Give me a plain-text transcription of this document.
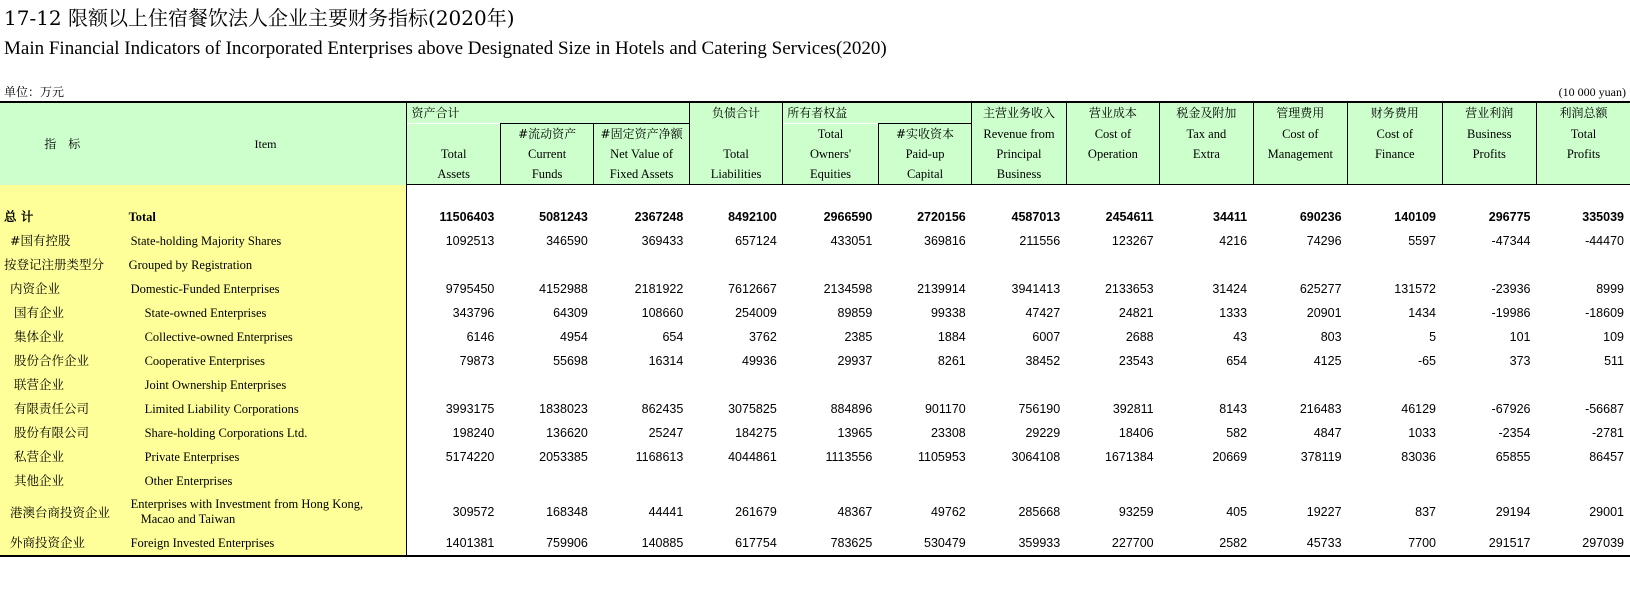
17-12 限额以上住宿餐饮法人企业主要财务指标(2020年)
Main Financial Indicators of Incorporated Enterprises above Designated Size in Hotels and Catering Services(2020)
单位：万元	(10 000 yuan)
指　标	Item	资产合计			负债合计	所有者权益		主营业务收入	营业成本	税金及附加	管理费用	财务费用	营业利润	利润总额
			#流动资产	#固定资产净额		Total	#实收资本	Revenue from	Cost of	Tax and	Cost of	Cost of	Business	Total
		Total	Current	Net Value of	Total	Owners'	Paid-up	Principal	Operation	Extra	Management	Finance	Profits	Profits
		Assets	Funds	Fixed Assets	Liabilities	Equities	Capital	Business						

总 计	Total	11506403	5081243	2367248	8492100	2966590	2720156	4587013	2454611	34411	690236	140109	296775	335039
#国有控股	State-holding Majority Shares	1092513	346590	369433	657124	433051	369816	211556	123267	4216	74296	5597	-47344	-44470
按登记注册类型分	Grouped by Registration													
内资企业	Domestic-Funded Enterprises	9795450	4152988	2181922	7612667	2134598	2139914	3941413	2133653	31424	625277	131572	-23936	8999
国有企业	State-owned Enterprises	343796	64309	108660	254009	89859	99338	47427	24821	1333	20901	1434	-19986	-18609
集体企业	Collective-owned Enterprises	6146	4954	654	3762	2385	1884	6007	2688	43	803	5	101	109
股份合作企业	Cooperative Enterprises	79873	55698	16314	49936	29937	8261	38452	23543	654	4125	-65	373	511
联营企业	Joint Ownership Enterprises													
有限责任公司	Limited Liability Corporations	3993175	1838023	862435	3075825	884896	901170	756190	392811	8143	216483	46129	-67926	-56687
股份有限公司	Share-holding Corporations Ltd.	198240	136620	25247	184275	13965	23308	29229	18406	582	4847	1033	-2354	-2781
私营企业	Private Enterprises	5174220	2053385	1168613	4044861	1113556	1105953	3064108	1671384	20669	378119	83036	65855	86457
其他企业	Other Enterprises													
港澳台商投资企业	Enterprises with Investment from Hong Kong,
Macao and Taiwan	309572	168348	44441	261679	48367	49762	285668	93259	405	19227	837	29194	29001
外商投资企业	Foreign Invested Enterprises	1401381	759906	140885	617754	783625	530479	359933	227700	2582	45733	7700	291517	297039
